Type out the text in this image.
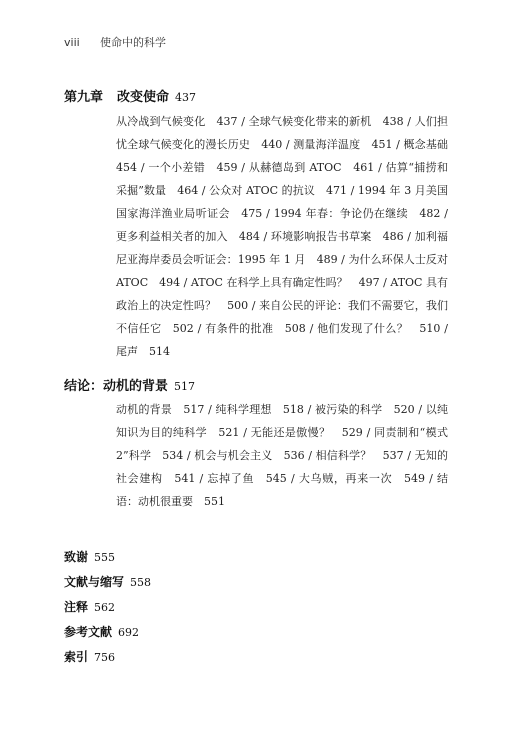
viii 使命中的科学
第九章 改变使命 437

从冷战到气候变化　437 / 全球气候变化带来的新机　438 / 人们担忧全球气候变化的漫长历史　440 / 测量海洋温度　451 / 概念基础　454 / 一个小差错　459 / 从赫德岛到 ATOC　461 / 估算“捕捞和采掘”数量　464 / 公众对 ATOC 的抗议　471 / 1994 年 3 月美国国家海洋渔业局听证会　475 / 1994 年春：争论仍在继续　482 / 更多利益相关者的加入　484 / 环境影响报告书草案　486 / 加利福尼亚海岸委员会听证会：1995 年 1 月　489 / 为什么环保人士反对 ATOC　494 / ATOC 在科学上具有确定性吗？　497 / ATOC 具有政治上的决定性吗？　500 / 来自公民的评论：我们不需要它，我们不信任它　502 / 有条件的批准　508 / 他们发现了什么？　510 / 尾声　514

结论：动机的背景 517

动机的背景　517 / 纯科学理想　518 / 被污染的科学　520 / 以纯知识为目的纯科学　521 / 无能还是傲慢？　529 / 同责制和“模式 2”科学　534 / 机会与机会主义　536 / 相信科学？　537 / 无知的社会建构　541 / 忘掉了鱼　545 / 大乌贼，再来一次　549 / 结语：动机很重要　551

致谢 555
文献与缩写 558
注释 562
参考文献 692
索引 756
